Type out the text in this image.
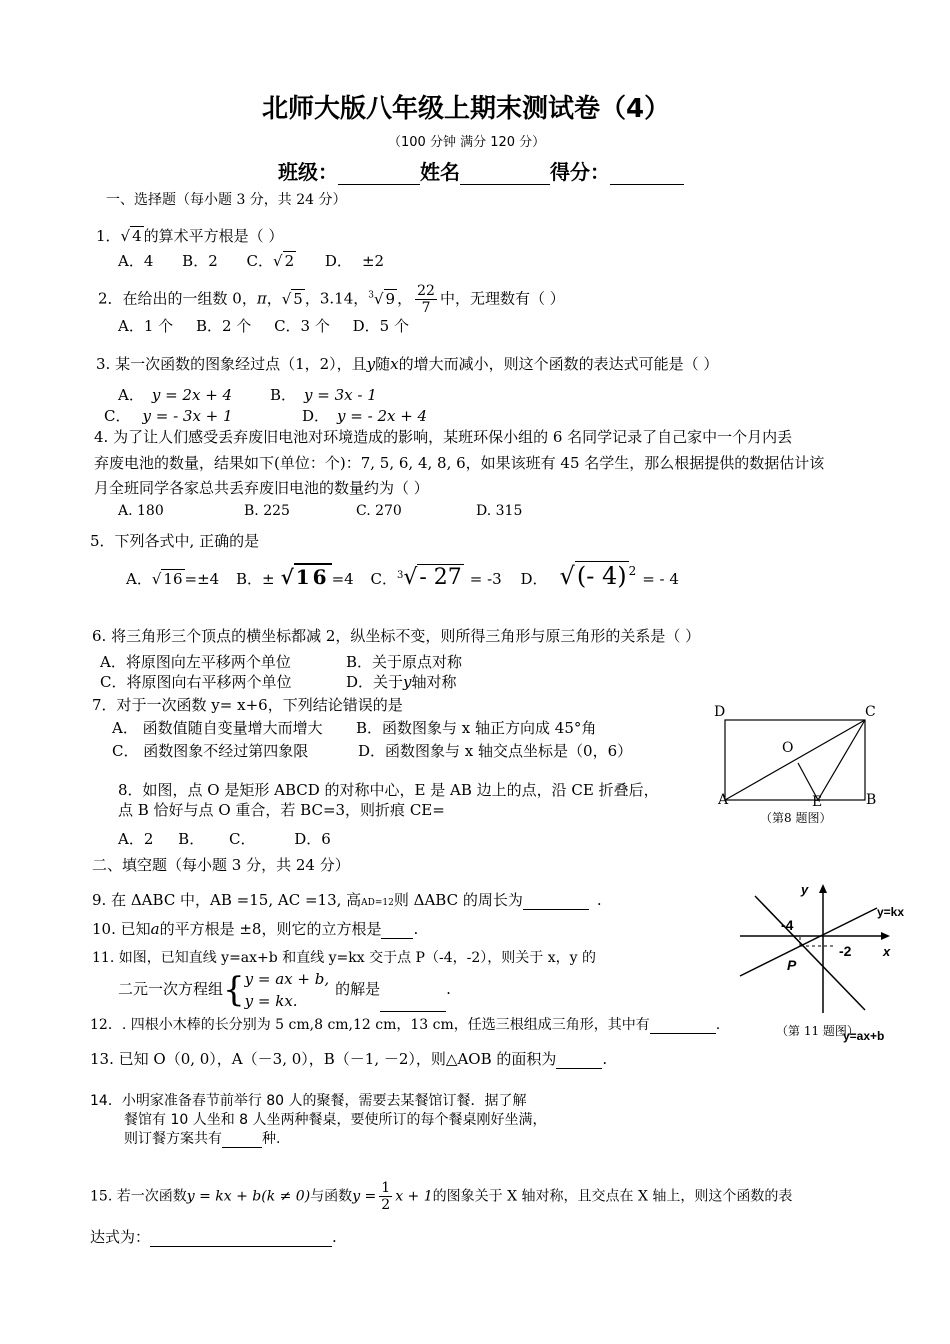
北师大版八年级上期末测试卷（4）
（100 分钟 满分 120 分）
班级：	姓名	得分：
一、选择题（每小题 3 分，共 24 分）
1．√ 4 的算术平方根是（ ）
A．4 B．2 C．√ 2 D． ±2
2．在给出的一组数 0，π，√ 5 ，3.14，$^3$√ 9 ， $\frac{22}{7}$ 中，无理数有（ ）
A．1 个 B．2 个 C．3 个 D．5 个
3. 某一次函数的图象经过点（1，2），且y随x的增大而减小，则这个函数的表达式可能是（ ）
A． y = 2x + 4	B． y = 3x - 1
C． y = - 3x + 1	D． y = - 2x + 4
4. 为了让人们感受丢弃废旧电池对环境造成的影响，某班环保小组的 6 名同学记录了自己家中一个月内丢
弃废电池的数量，结果如下(单位：个)：7, 5, 6, 4, 8, 6，如果该班有 45 名学生，那么根据提供的数据估计该
月全班同学各家总共丢弃废旧电池的数量约为（ ）
A. 180	B. 225	C. 270	D. 315
5．下列各式中, 正确的是
A．√ 16 =±4 B．± √ 16 =4 C．$^3$√- 27 = -3 D． √(- 4) $^2$ = - 4
6. 将三角形三个顶点的横坐标都减 2，纵坐标不变，则所得三角形与原三角形的关系是（ ）
A．将原图向左平移两个单位	B．关于原点对称
C．将原图向右平移两个单位	D．关于y轴对称
7．对于一次函数 y= x+6，下列结论错误的是
A． 函数值随自变量增大而增大 B．函数图象与 x 轴正方向成 45°角
C． 函数图象不经过第四象限	D．函数图象与 x 轴交点坐标是（0，6）
D	C
O
A	E	B
（第8 题图）
8．如图，点 O 是矩形 ABCD 的对称中心，E 是 AB 边上的点，沿 CE 折叠后，
点 B 恰好与点 O 重合，若 BC=3，则折痕 CE=
A．2 B． C．	D．6
二、填空题（每小题 3 分，共 24 分）
9. 在 ΔABC 中，AB =15, AC =13, 高AD=12则 ΔABC 的周长为	.
10. 已知a的平方根是 ±8，则它的立方根是 .
11. 如图，已知直线 y=ax+b 和直线 y=kx 交于点 P（-4，-2），则关于 x，y 的
二元一次方程组{ y = ax + b,
y = kx.
的解是	.
y
x
y=kx
y=ax+b
-4
-2
P
（第 11 题图）
12．. 四根小木棒的长分别为 5 cm,8 cm,12 cm，13 cm，任选三根组成三角形，其中有	.
13. 已知 O（0, 0），A（－3, 0），B（－1, －2），则△AOB 的面积为	.
14．小明家准备春节前举行 80 人的聚餐，需要去某餐馆订餐．据了解
餐馆有 10 人坐和 8 人坐两种餐桌，要使所订的每个餐桌刚好坐满，
则订餐方案共有	种.
15. 若一次函数y = kx + b(k ≠ 0)与函数$y = \frac{1}{2}$ x + 1的图象关于 X 轴对称，且交点在 X 轴上，则这个函数的表
达式为：	.
